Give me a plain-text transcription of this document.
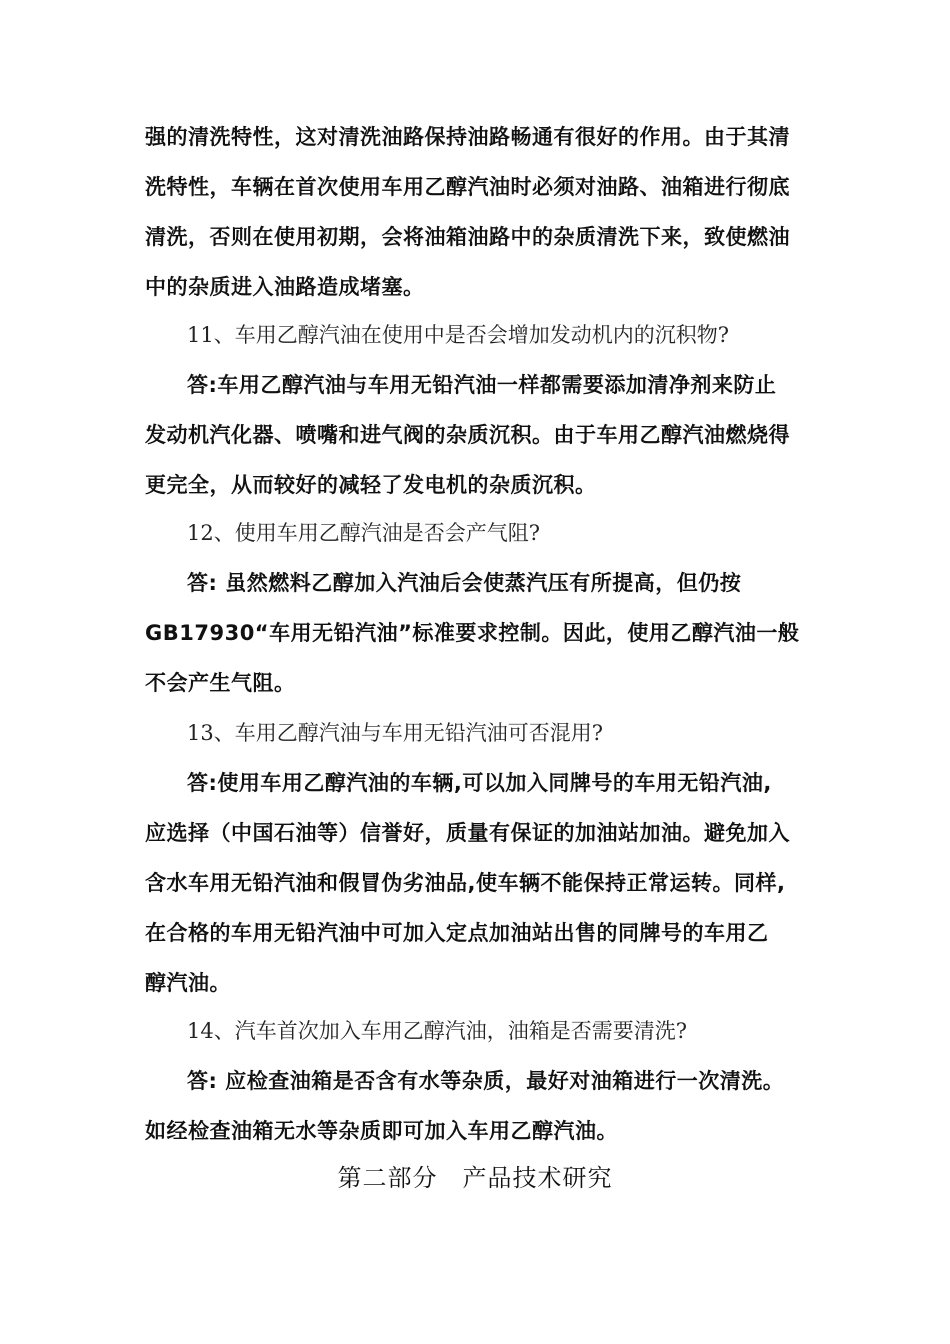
强的清洗特性，这对清洗油路保持油路畅通有很好的作用。由于其清
洗特性，车辆在首次使用车用乙醇汽油时必须对油路、油箱进行彻底
清洗，否则在使用初期，会将油箱油路中的杂质清洗下来，致使燃油
中的杂质进入油路造成堵塞。
11、车用乙醇汽油在使用中是否会增加发动机内的沉积物?
答:车用乙醇汽油与车用无铅汽油一样都需要添加清净剂来防止
发动机汽化器、喷嘴和进气阀的杂质沉积。由于车用乙醇汽油燃烧得
更完全，从而较好的减轻了发电机的杂质沉积。
12、使用车用乙醇汽油是否会产气阻?
答: 虽然燃料乙醇加入汽油后会使蒸汽压有所提高，但仍按
GB17930“车用无铅汽油”标准要求控制。因此，使用乙醇汽油一般
不会产生气阻。
13、车用乙醇汽油与车用无铅汽油可否混用?
答:使用车用乙醇汽油的车辆,可以加入同牌号的车用无铅汽油,
应选择（中国石油等）信誉好，质量有保证的加油站加油。避免加入
含水车用无铅汽油和假冒伪劣油品,使车辆不能保持正常运转。同样,
在合格的车用无铅汽油中可加入定点加油站出售的同牌号的车用乙
醇汽油。
14、汽车首次加入车用乙醇汽油，油箱是否需要清洗?
答: 应检查油箱是否含有水等杂质，最好对油箱进行一次清洗。
如经检查油箱无水等杂质即可加入车用乙醇汽油。
第二部分　产品技术研究
